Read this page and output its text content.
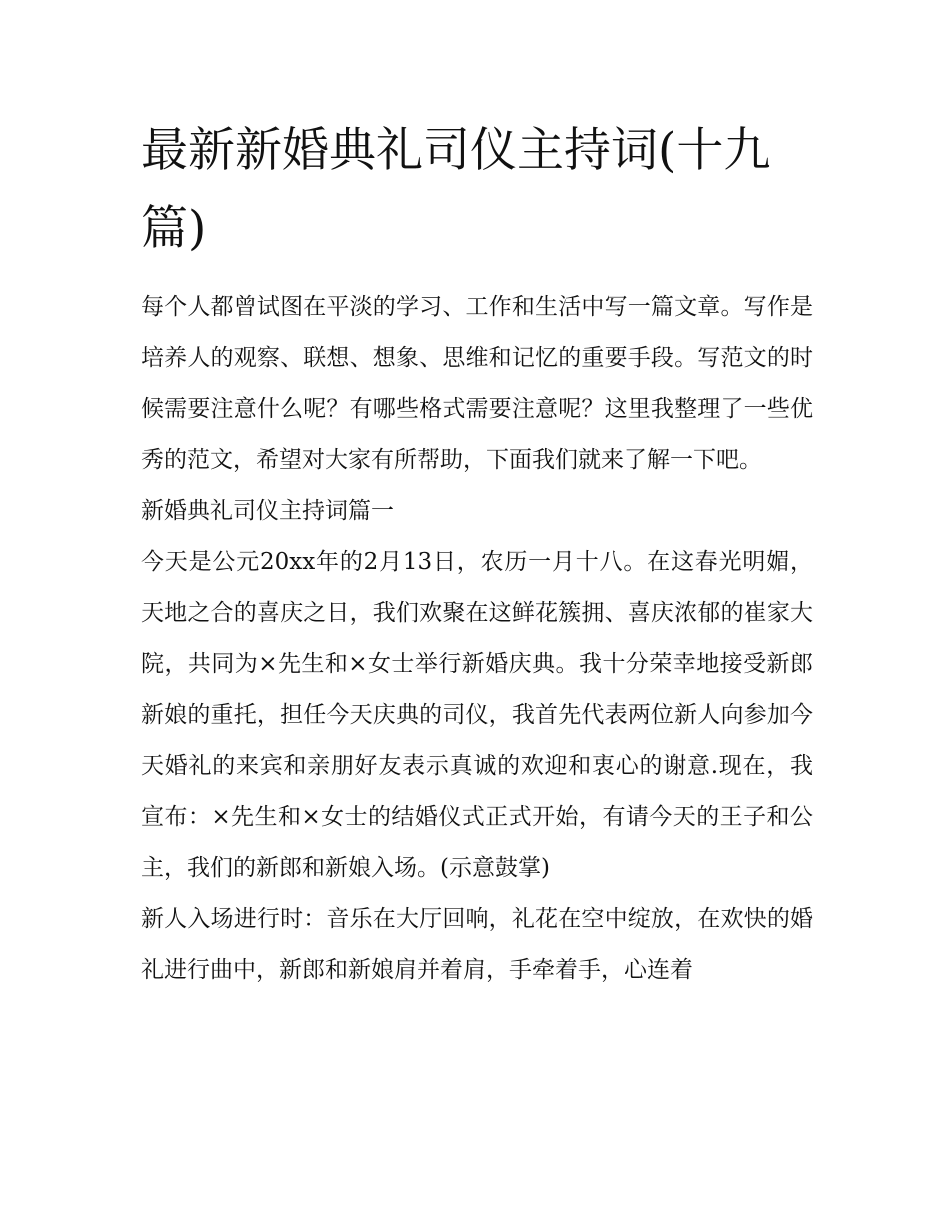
最新新婚典礼司仪主持词(十九篇)

每个人都曾试图在平淡的学习、工作和生活中写一篇文章。写作是培养人的观察、联想、想象、思维和记忆的重要手段。写范文的时候需要注意什么呢？有哪些格式需要注意呢？这里我整理了一些优秀的范文，希望对大家有所帮助，下面我们就来了解一下吧。

新婚典礼司仪主持词篇一

今天是公元20xx年的2月13日，农历一月十八。在这春光明媚，天地之合的喜庆之日，我们欢聚在这鲜花簇拥、喜庆浓郁的崔家大院，共同为×先生和×女士举行新婚庆典。我十分荣幸地接受新郎新娘的重托，担任今天庆典的司仪，我首先代表两位新人向参加今天婚礼的来宾和亲朋好友表示真诚的欢迎和衷心的谢意.现在，我宣布：×先生和×女士的结婚仪式正式开始，有请今天的王子和公主，我们的新郎和新娘入场。(示意鼓掌)

新人入场进行时：音乐在大厅回响，礼花在空中绽放，在欢快的婚礼进行曲中，新郎和新娘肩并着肩，手牵着手，心连着
